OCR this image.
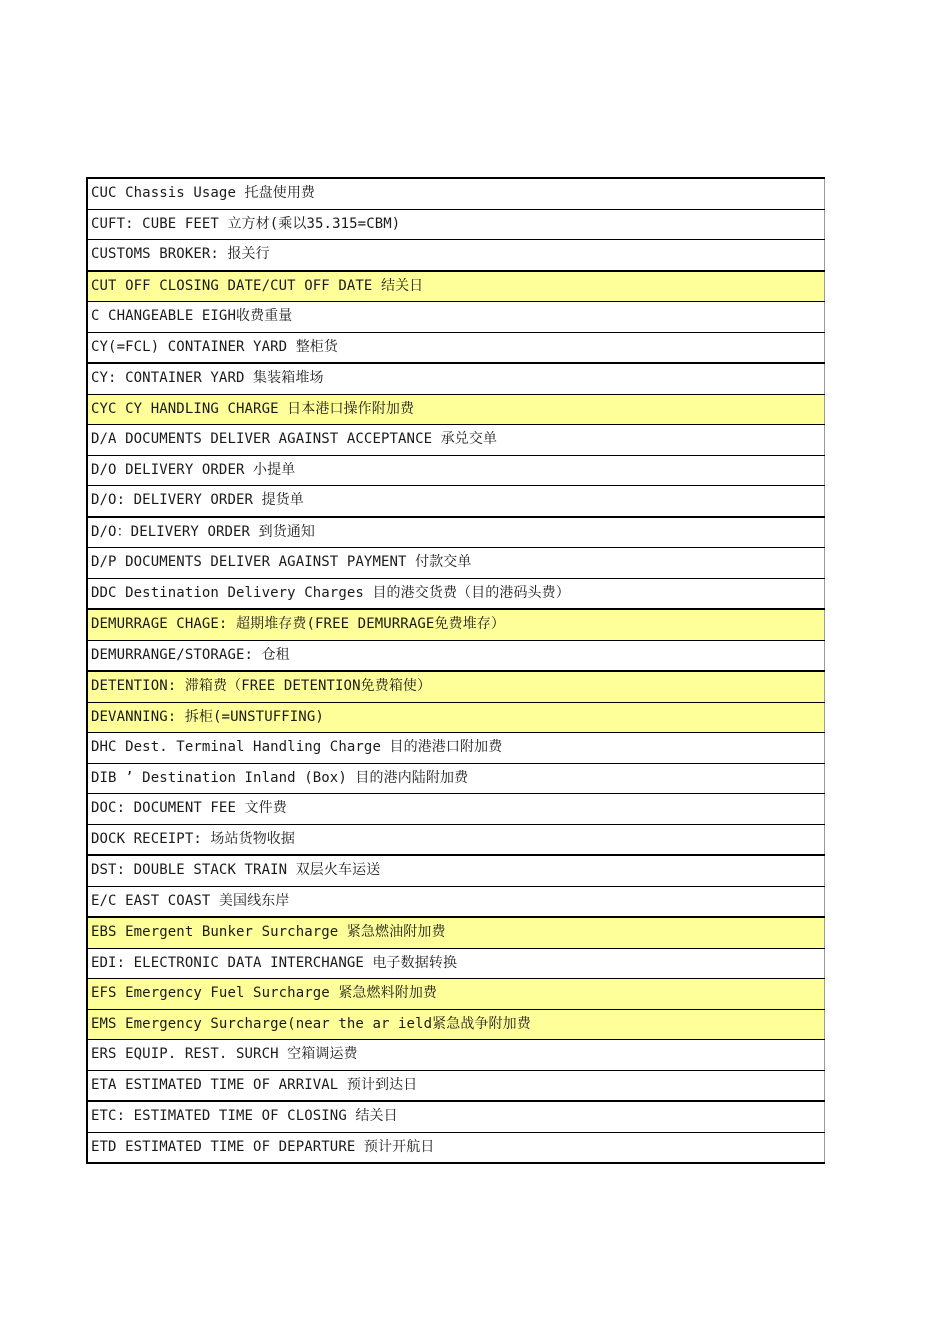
CUC Chassis Usage 托盘使用费
CUFT: CUBE FEET 立方材(乘以35.315=CBM)
CUSTOMS BROKER: 报关行
CUT OFF CLOSING DATE/CUT OFF DATE 结关日
C CHANGEABLE EIGH收费重量
CY(=FCL) CONTAINER YARD 整柜货
CY: CONTAINER YARD 集装箱堆场
CYC CY HANDLING CHARGE 日本港口操作附加费
D/A DOCUMENTS DELIVER AGAINST ACCEPTANCE 承兑交单
D/O DELIVERY ORDER 小提单
D/O: DELIVERY ORDER 提货单
D/O：DELIVERY ORDER 到货通知
D/P DOCUMENTS DELIVER AGAINST PAYMENT 付款交单
DDC Destination Delivery Charges 目的港交货费（目的港码头费）
DEMURRAGE CHAGE: 超期堆存费(FREE DEMURRAGE免费堆存）
DEMURRANGE/STORAGE: 仓租
DETENTION: 滞箱费（FREE DETENTION免费箱使）
DEVANNING: 拆柜(=UNSTUFFING)
DHC Dest. Terminal Handling Charge 目的港港口附加费
DIB ’ Destination Inland (Box) 目的港内陆附加费
DOC: DOCUMENT FEE 文件费
DOCK RECEIPT: 场站货物收据
DST: DOUBLE STACK TRAIN 双层火车运送
E/C EAST COAST 美国线东岸
EBS Emergent Bunker Surcharge 紧急燃油附加费
EDI: ELECTRONIC DATA INTERCHANGE 电子数据转换
EFS Emergency Fuel Surcharge 紧急燃料附加费
EMS Emergency Surcharge(near the ar ield紧急战争附加费
ERS EQUIP. REST. SURCH 空箱调运费
ETA ESTIMATED TIME OF ARRIVAL 预计到达日
ETC: ESTIMATED TIME OF CLOSING 结关日
ETD ESTIMATED TIME OF DEPARTURE 预计开航日
